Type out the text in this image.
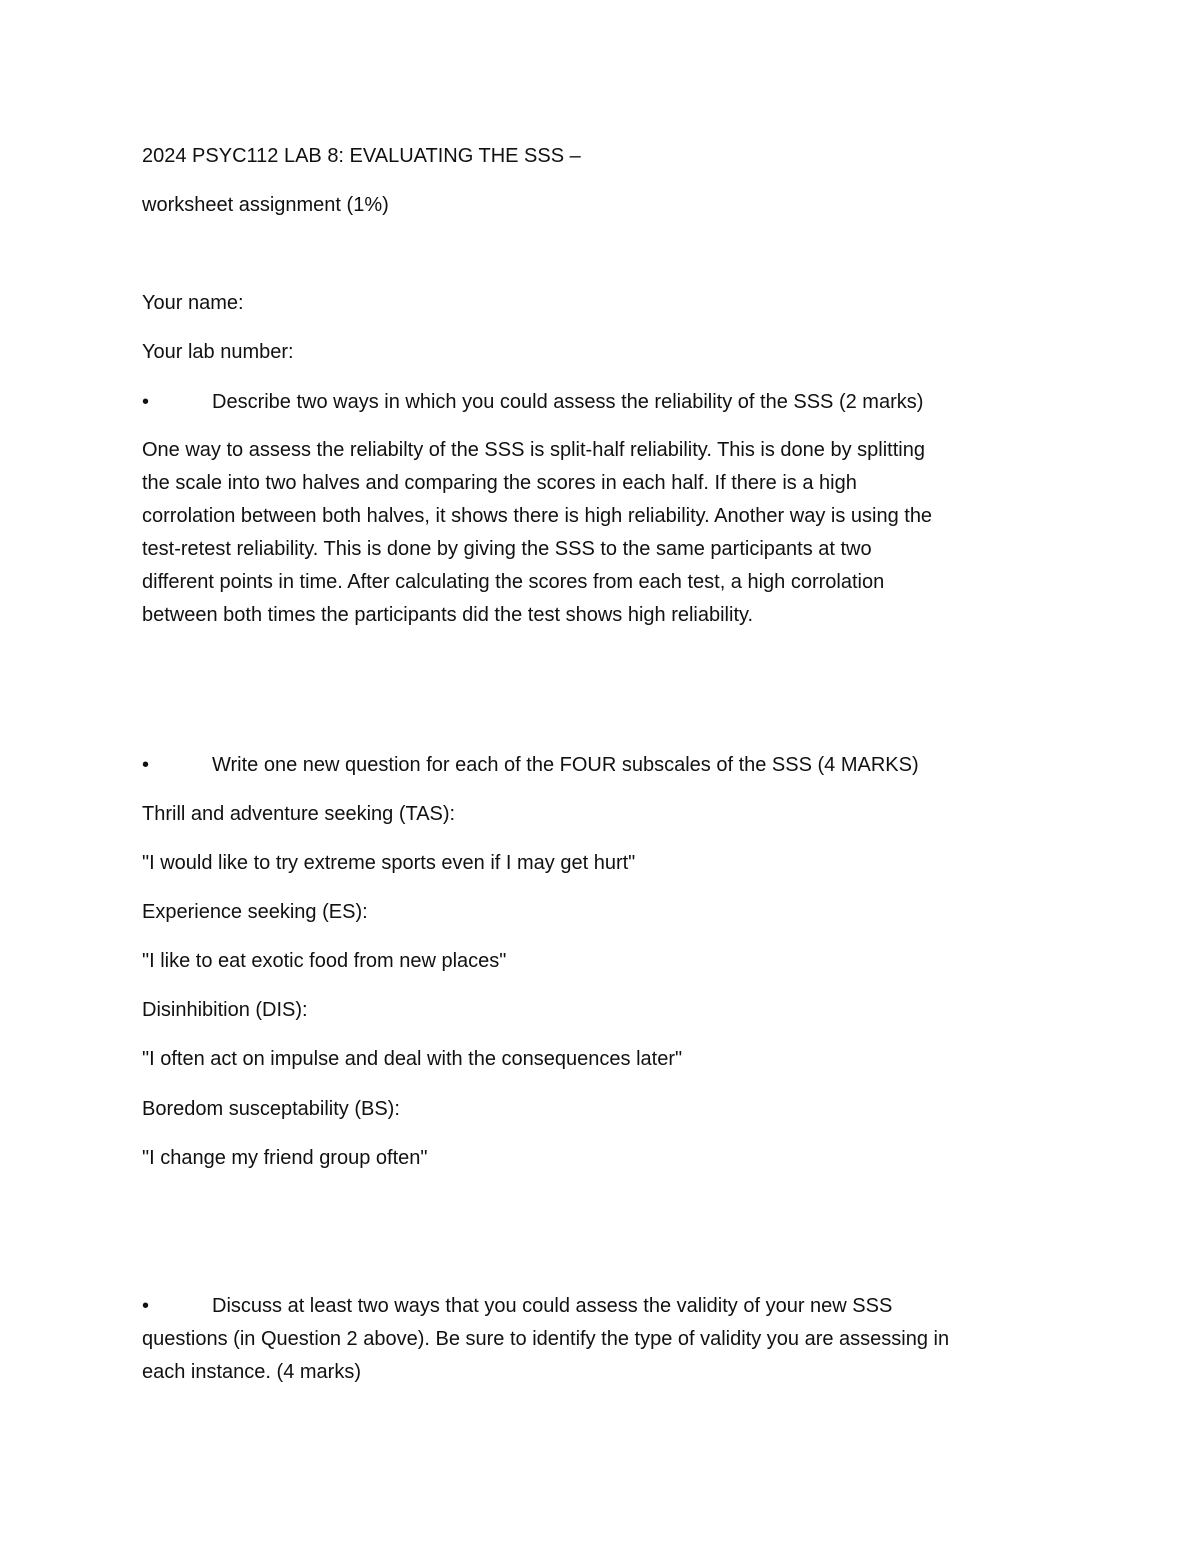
2024 PSYC112 LAB 8: EVALUATING THE SSS –
worksheet assignment (1%)
Your name:
Your lab number:
•	Describe two ways in which you could assess the reliability of the SSS (2 marks)
One way to assess the reliabilty of the SSS is split-half reliability. This is done by splitting
the scale into two halves and comparing the scores in each half. If there is a high
corrolation between both halves, it shows there is high reliability. Another way is using the
test-retest reliability. This is done by giving the SSS to the same participants at two
different points in time. After calculating the scores from each test, a high corrolation
between both times the participants did the test shows high reliability.
•	Write one new question for each of the FOUR subscales of the SSS (4 MARKS)
Thrill and adventure seeking (TAS):
"I would like to try extreme sports even if I may get hurt"
Experience seeking (ES):
"I like to eat exotic food from new places"
Disinhibition (DIS):
"I often act on impulse and deal with the consequences later"
Boredom susceptability (BS):
"I change my friend group often"
•	Discuss at least two ways that you could assess the validity of your new SSS
questions (in Question 2 above). Be sure to identify the type of validity you are assessing in
each instance. (4 marks)
